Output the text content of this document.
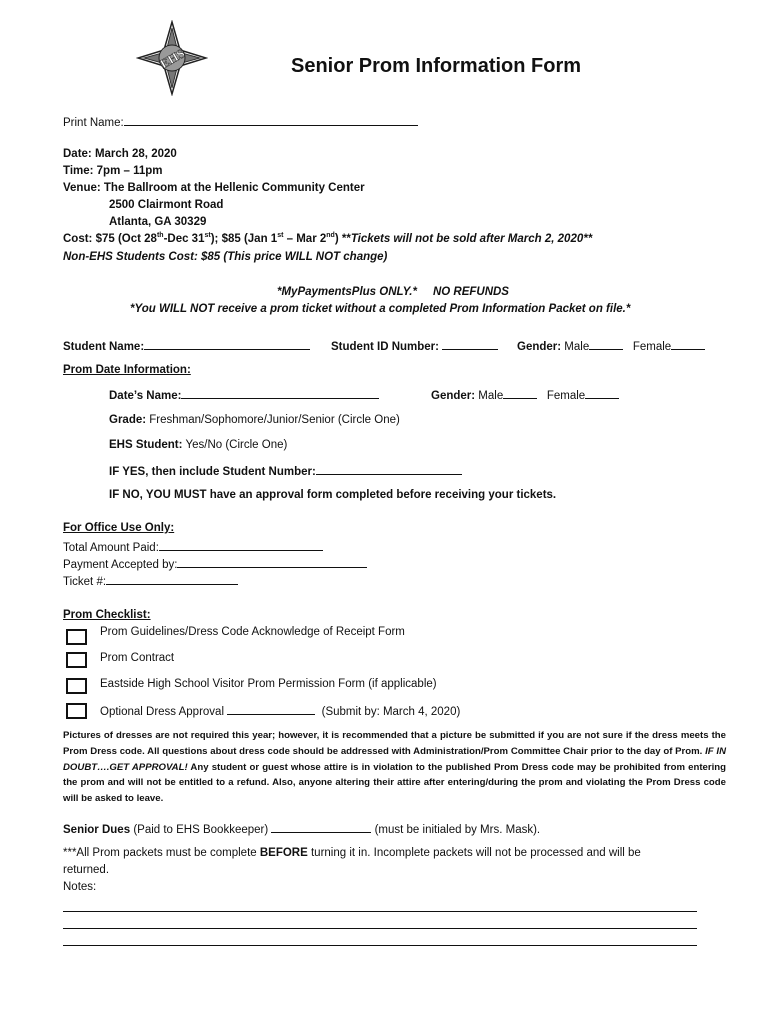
EHS	Senior Prom Information Form
Print Name:
Date: March 28, 2020
Time: 7pm – 11pm
Venue: The Ballroom at the Hellenic Community Center
2500 Clairmont Road
Atlanta, GA 30329
Cost: $75 (Oct 28th-Dec 31st); $85 (Jan 1st – Mar 2nd) **Tickets will not be sold after March 2, 2020**
Non-EHS Students Cost: $85 (This price WILL NOT change)
*MyPaymentsPlus ONLY.*     NO REFUNDS
*You WILL NOT receive a prom ticket without a completed Prom Information Packet on file.*
Student Name:	Student ID Number:	Gender: Male	Female
Prom Date Information:
Date’s Name:	Gender: Male	Female
Grade: Freshman/Sophomore/Junior/Senior (Circle One)
EHS Student: Yes/No (Circle One)
IF YES, then include Student Number:
IF NO, YOU MUST have an approval form completed before receiving your tickets.
For Office Use Only:
Total Amount Paid:
Payment Accepted by:
Ticket #:
Prom Checklist:
Prom Guidelines/Dress Code Acknowledge of Receipt Form
Prom Contract
Eastside High School Visitor Prom Permission Form (if applicable)
Optional Dress Approval	(Submit by: March 4, 2020)
Pictures of dresses are not required this year; however, it is recommended that a picture be submitted if you are not sure if the dress meets the Prom Dress code. All questions about dress code should be addressed with Administration/Prom Committee Chair prior to the day of Prom. IF IN DOUBT….GET APPROVAL! Any student or guest whose attire is in violation to the published Prom Dress code may be prohibited from entering the prom and will not be entitled to a refund. Also, anyone altering their attire after entering/during the prom and violating the Prom Dress code will be asked to leave.
Senior Dues (Paid to EHS Bookkeeper)	(must be initialed by Mrs. Mask).
***All Prom packets must be complete BEFORE turning it in. Incomplete packets will not be processed and will be
returned.
Notes:
